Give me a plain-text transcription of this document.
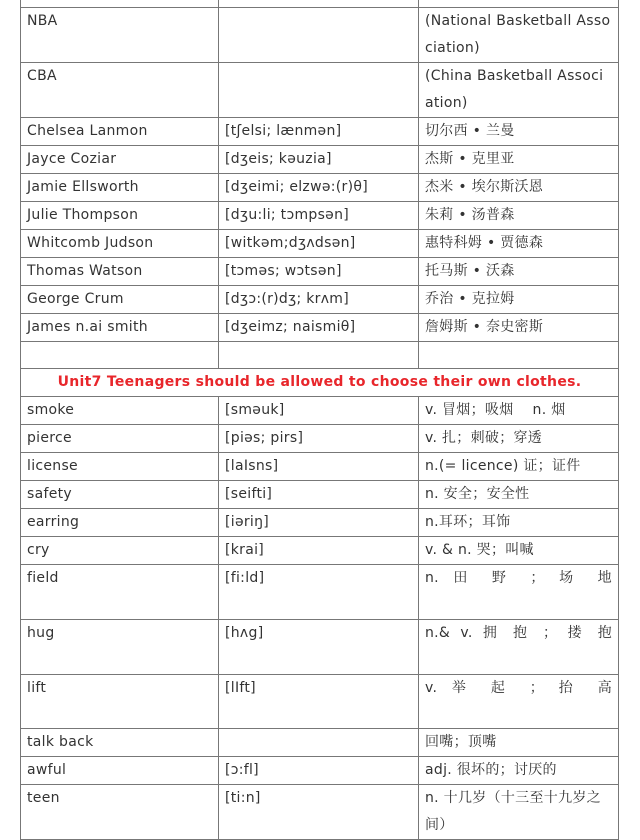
NBA		(National Basketball Association)
CBA		(China Basketball Association)
Chelsea Lanmon	[tʃelsi; lænmən]	切尔西 • 兰曼
Jayce Coziar	[dʒeis; kəuzia]	杰斯 • 克里亚
Jamie Ellsworth	[dʒeimi; elzwə:(r)θ]	杰米 • 埃尔斯沃恩
Julie Thompson	[dʒu:li; tɔmpsən]	朱莉 • 汤普森
Whitcomb Judson	[witkəm;dʒʌdsən]	惠特科姆 • 贾德森
Thomas Watson	[tɔməs; wɔtsən]	托马斯 • 沃森
George Crum	[dʒɔ:(r)dʒ; krʌm]	乔治 • 克拉姆
James n.ai smith	[dʒeimz; naismiθ]	詹姆斯 • 奈史密斯

Unit7 Teenagers should be allowed to choose their own clothes.		
smoke	[sməuk]	v. 冒烟；吸烟　 n. 烟
pierce	[piəs; pirs]	v. 扎；刺破；穿透
license	[laIsns]	n.(= licence) 证；证件
safety	[seifti]	n. 安全；安全性
earring	[iəriŋ]	n.耳环；耳饰
cry	[krai]	v. & n. 哭；叫喊
field	[fi:ld]	n. 田 野 ； 场 地
hug	[hʌg]	n.& v. 拥 抱 ； 搂 抱
lift	[lIft]	v. 举 起 ； 抬 高
talk back		回嘴；顶嘴
awful	[ɔ:fl]	adj. 很坏的；讨厌的
teen	[ti:n]	n. 十几岁（十三至十九岁之间）
